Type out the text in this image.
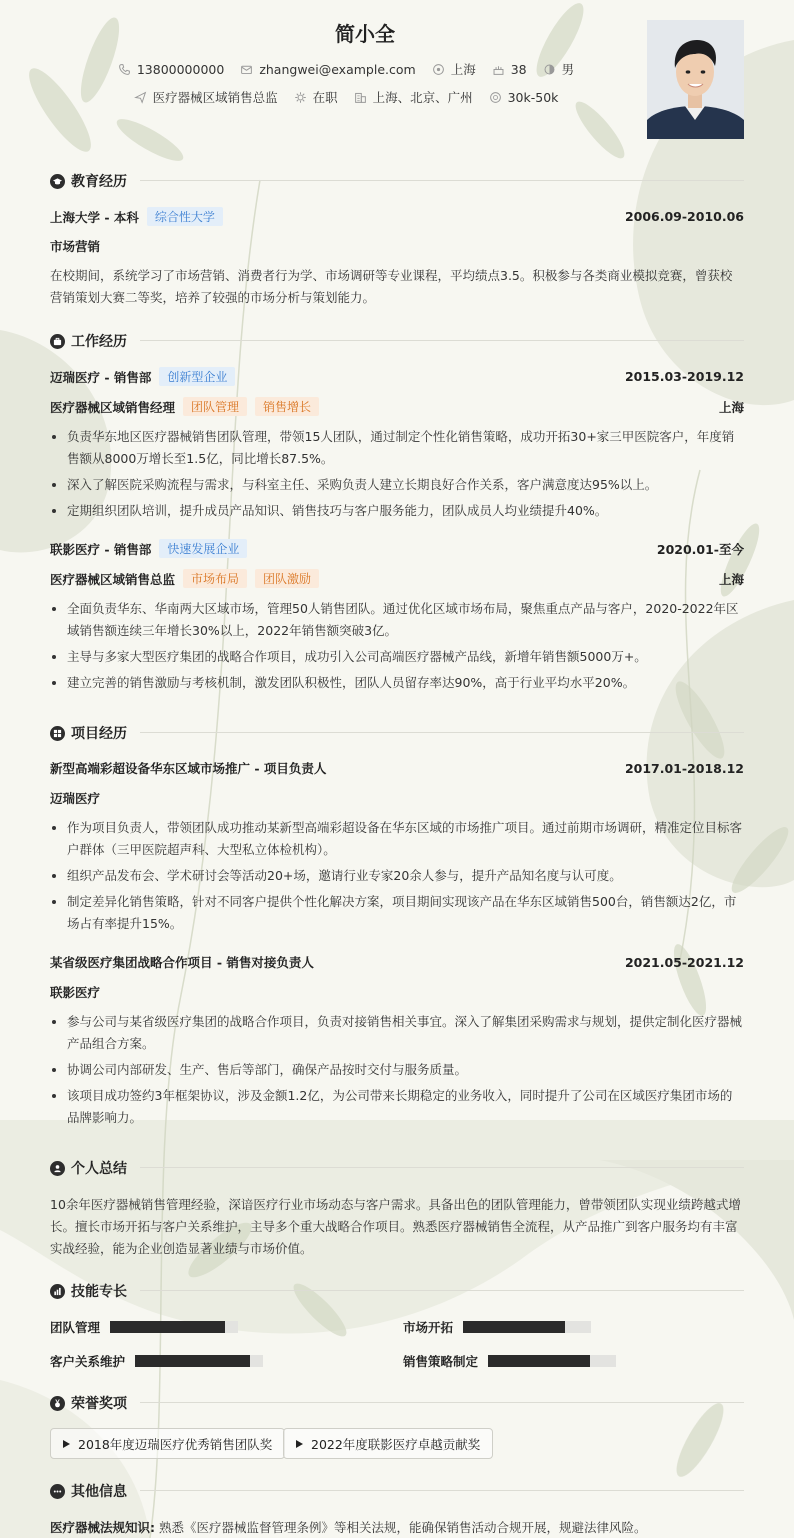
简小全
13800000000	zhangwei@example.com	上海	38	男
医疗器械区域销售总监	在职	上海、北京、广州	30k-50k
教育经历
上海大学 - 本科	综合性大学	2006.09-2010.06
市场营销
在校期间，系统学习了市场营销、消费者行为学、市场调研等专业课程，平均绩点3.5。积极参与各类商业模拟竞赛，曾获校营销策划大赛二等奖，培养了较强的市场分析与策划能力。
工作经历
迈瑞医疗 - 销售部	创新型企业	2015.03-2019.12
医疗器械区域销售经理	团队管理	销售增长	上海
负责华东地区医疗器械销售团队管理，带领15人团队，通过制定个性化销售策略，成功开拓30+家三甲医院客户，年度销售额从8000万增长至1.5亿，同比增长87.5%。
深入了解医院采购流程与需求，与科室主任、采购负责人建立长期良好合作关系，客户满意度达95%以上。
定期组织团队培训，提升成员产品知识、销售技巧与客户服务能力，团队成员人均业绩提升40%。
联影医疗 - 销售部	快速发展企业	2020.01-至今
医疗器械区域销售总监	市场布局	团队激励	上海
全面负责华东、华南两大区域市场，管理50人销售团队。通过优化区域市场布局，聚焦重点产品与客户，2020-2022年区域销售额连续三年增长30%以上，2022年销售额突破3亿。
主导与多家大型医疗集团的战略合作项目，成功引入公司高端医疗器械产品线，新增年销售额5000万+。
建立完善的销售激励与考核机制，激发团队积极性，团队人员留存率达90%，高于行业平均水平20%。
项目经历
新型高端彩超设备华东区域市场推广 - 项目负责人	2017.01-2018.12
迈瑞医疗
作为项目负责人，带领团队成功推动某新型高端彩超设备在华东区域的市场推广项目。通过前期市场调研，精准定位目标客户群体（三甲医院超声科、大型私立体检机构）。
组织产品发布会、学术研讨会等活动20+场，邀请行业专家20余人参与，提升产品知名度与认可度。
制定差异化销售策略，针对不同客户提供个性化解决方案，项目期间实现该产品在华东区域销售500台，销售额达2亿，市场占有率提升15%。
某省级医疗集团战略合作项目 - 销售对接负责人	2021.05-2021.12
联影医疗
参与公司与某省级医疗集团的战略合作项目，负责对接销售相关事宜。深入了解集团采购需求与规划，提供定制化医疗器械产品组合方案。
协调公司内部研发、生产、售后等部门，确保产品按时交付与服务质量。
该项目成功签约3年框架协议，涉及金额1.2亿，为公司带来长期稳定的业务收入，同时提升了公司在区域医疗集团市场的品牌影响力。
个人总结
10余年医疗器械销售管理经验，深谙医疗行业市场动态与客户需求。具备出色的团队管理能力，曾带领团队实现业绩跨越式增长。擅长市场开拓与客户关系维护，主导多个重大战略合作项目。熟悉医疗器械销售全流程，从产品推广到客户服务均有丰富实战经验，能为企业创造显著业绩与市场价值。
技能专长
团队管理	市场开拓
客户关系维护	销售策略制定
荣誉奖项
2018年度迈瑞医疗优秀销售团队奖	2022年度联影医疗卓越贡献奖
其他信息
医疗器械法规知识: 熟悉《医疗器械监督管理条例》等相关法规，能确保销售活动合规开展，规避法律风险。
